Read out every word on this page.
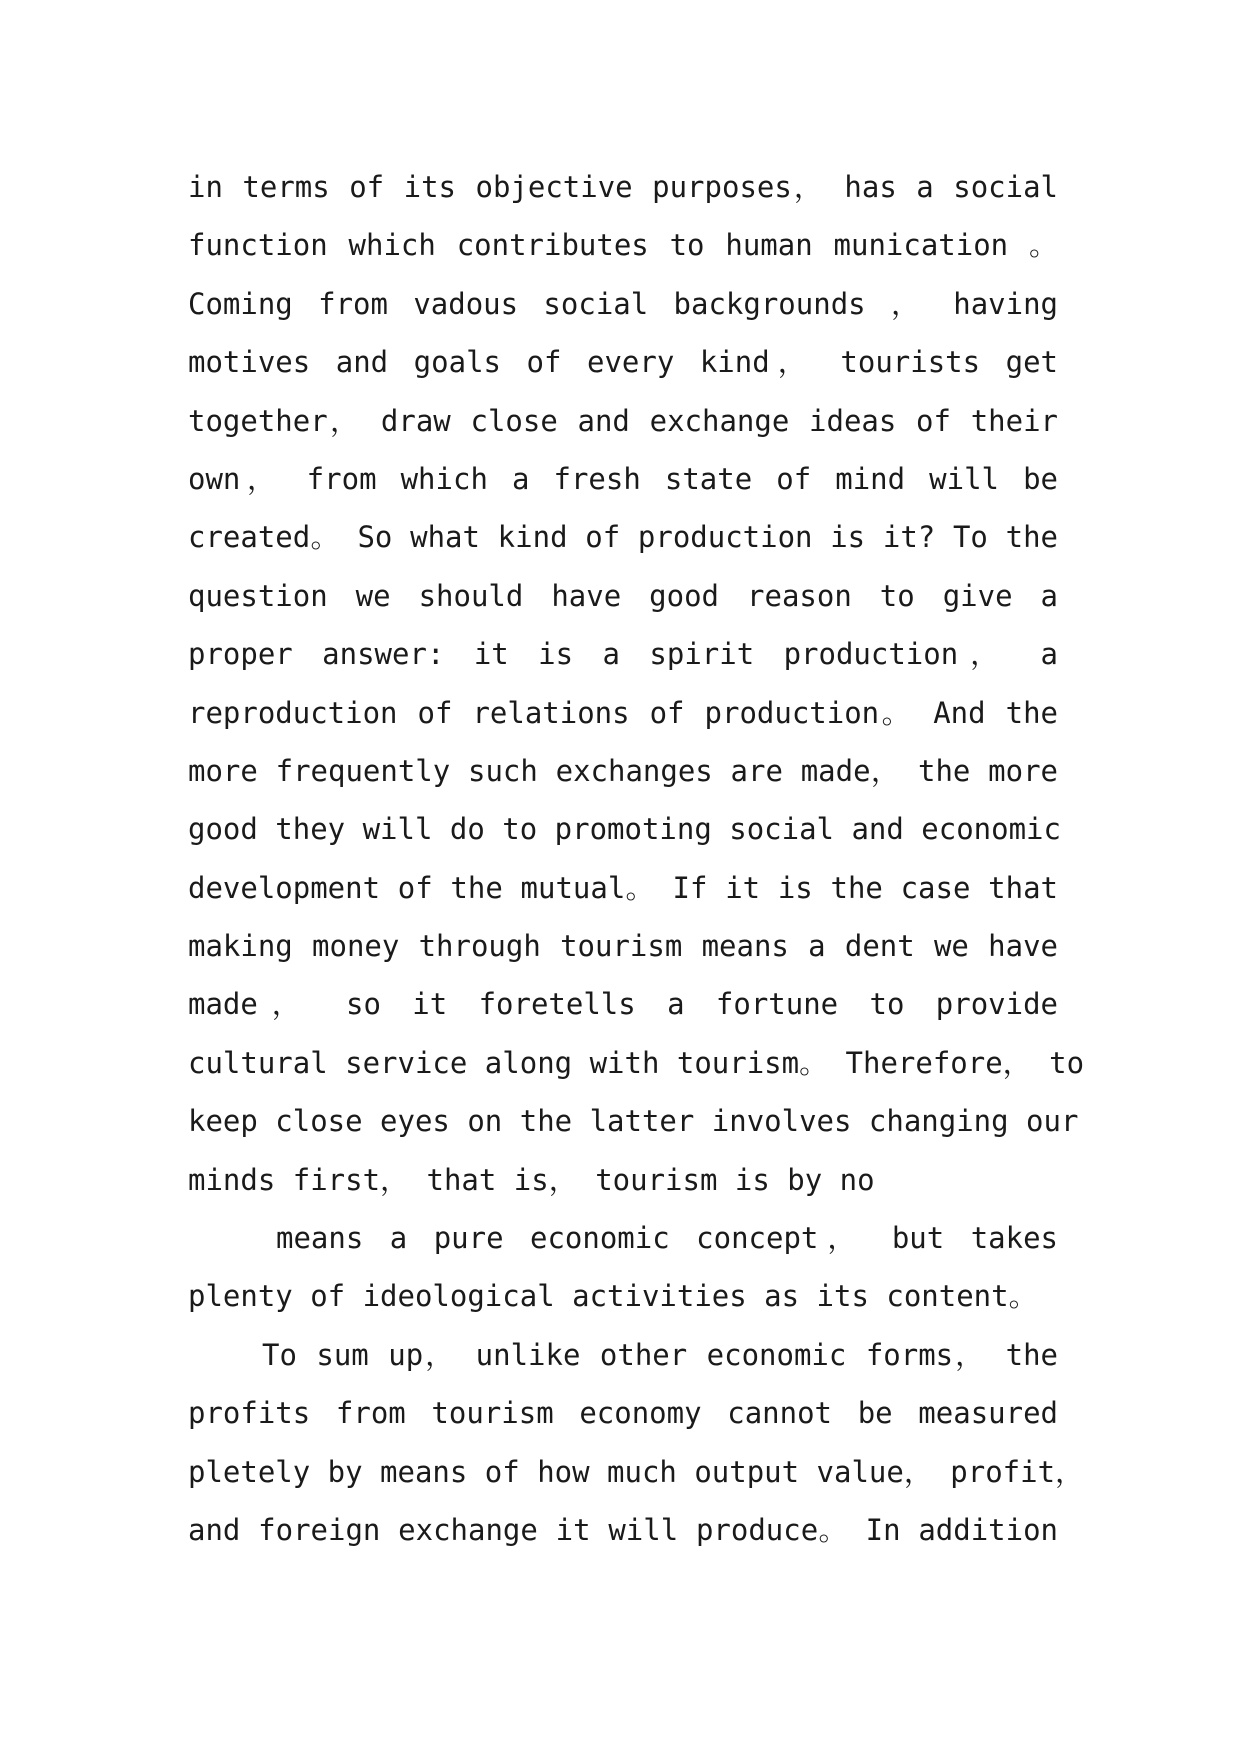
in terms of its objective purposes， has a social
function which contributes to human munication 。
Coming from vadous social backgrounds ， having
motives and goals of every kind， tourists get
together， draw close and exchange ideas of their
own， from which a fresh state of mind will be
created。 So what kind of production is it? To the
question we should have good reason to give a
proper answer: it is a spirit production， a
reproduction of relations of production。 And the
more frequently such exchanges are made， the more
good they will do to promoting social and economic
development of the mutual。 If it is the case that
making money through tourism means a dent we have
made， so it foretells a fortune to provide
cultural service along with tourism。 Therefore， to
keep close eyes on the latter involves changing our
minds first， that is， tourism is by no
means a pure economic concept， but takes
plenty of ideological activities as its content。
To sum up， unlike other economic forms， the
profits from tourism economy cannot be measured
pletely by means of how much output value， profit，
and foreign exchange it will produce。 In addition
